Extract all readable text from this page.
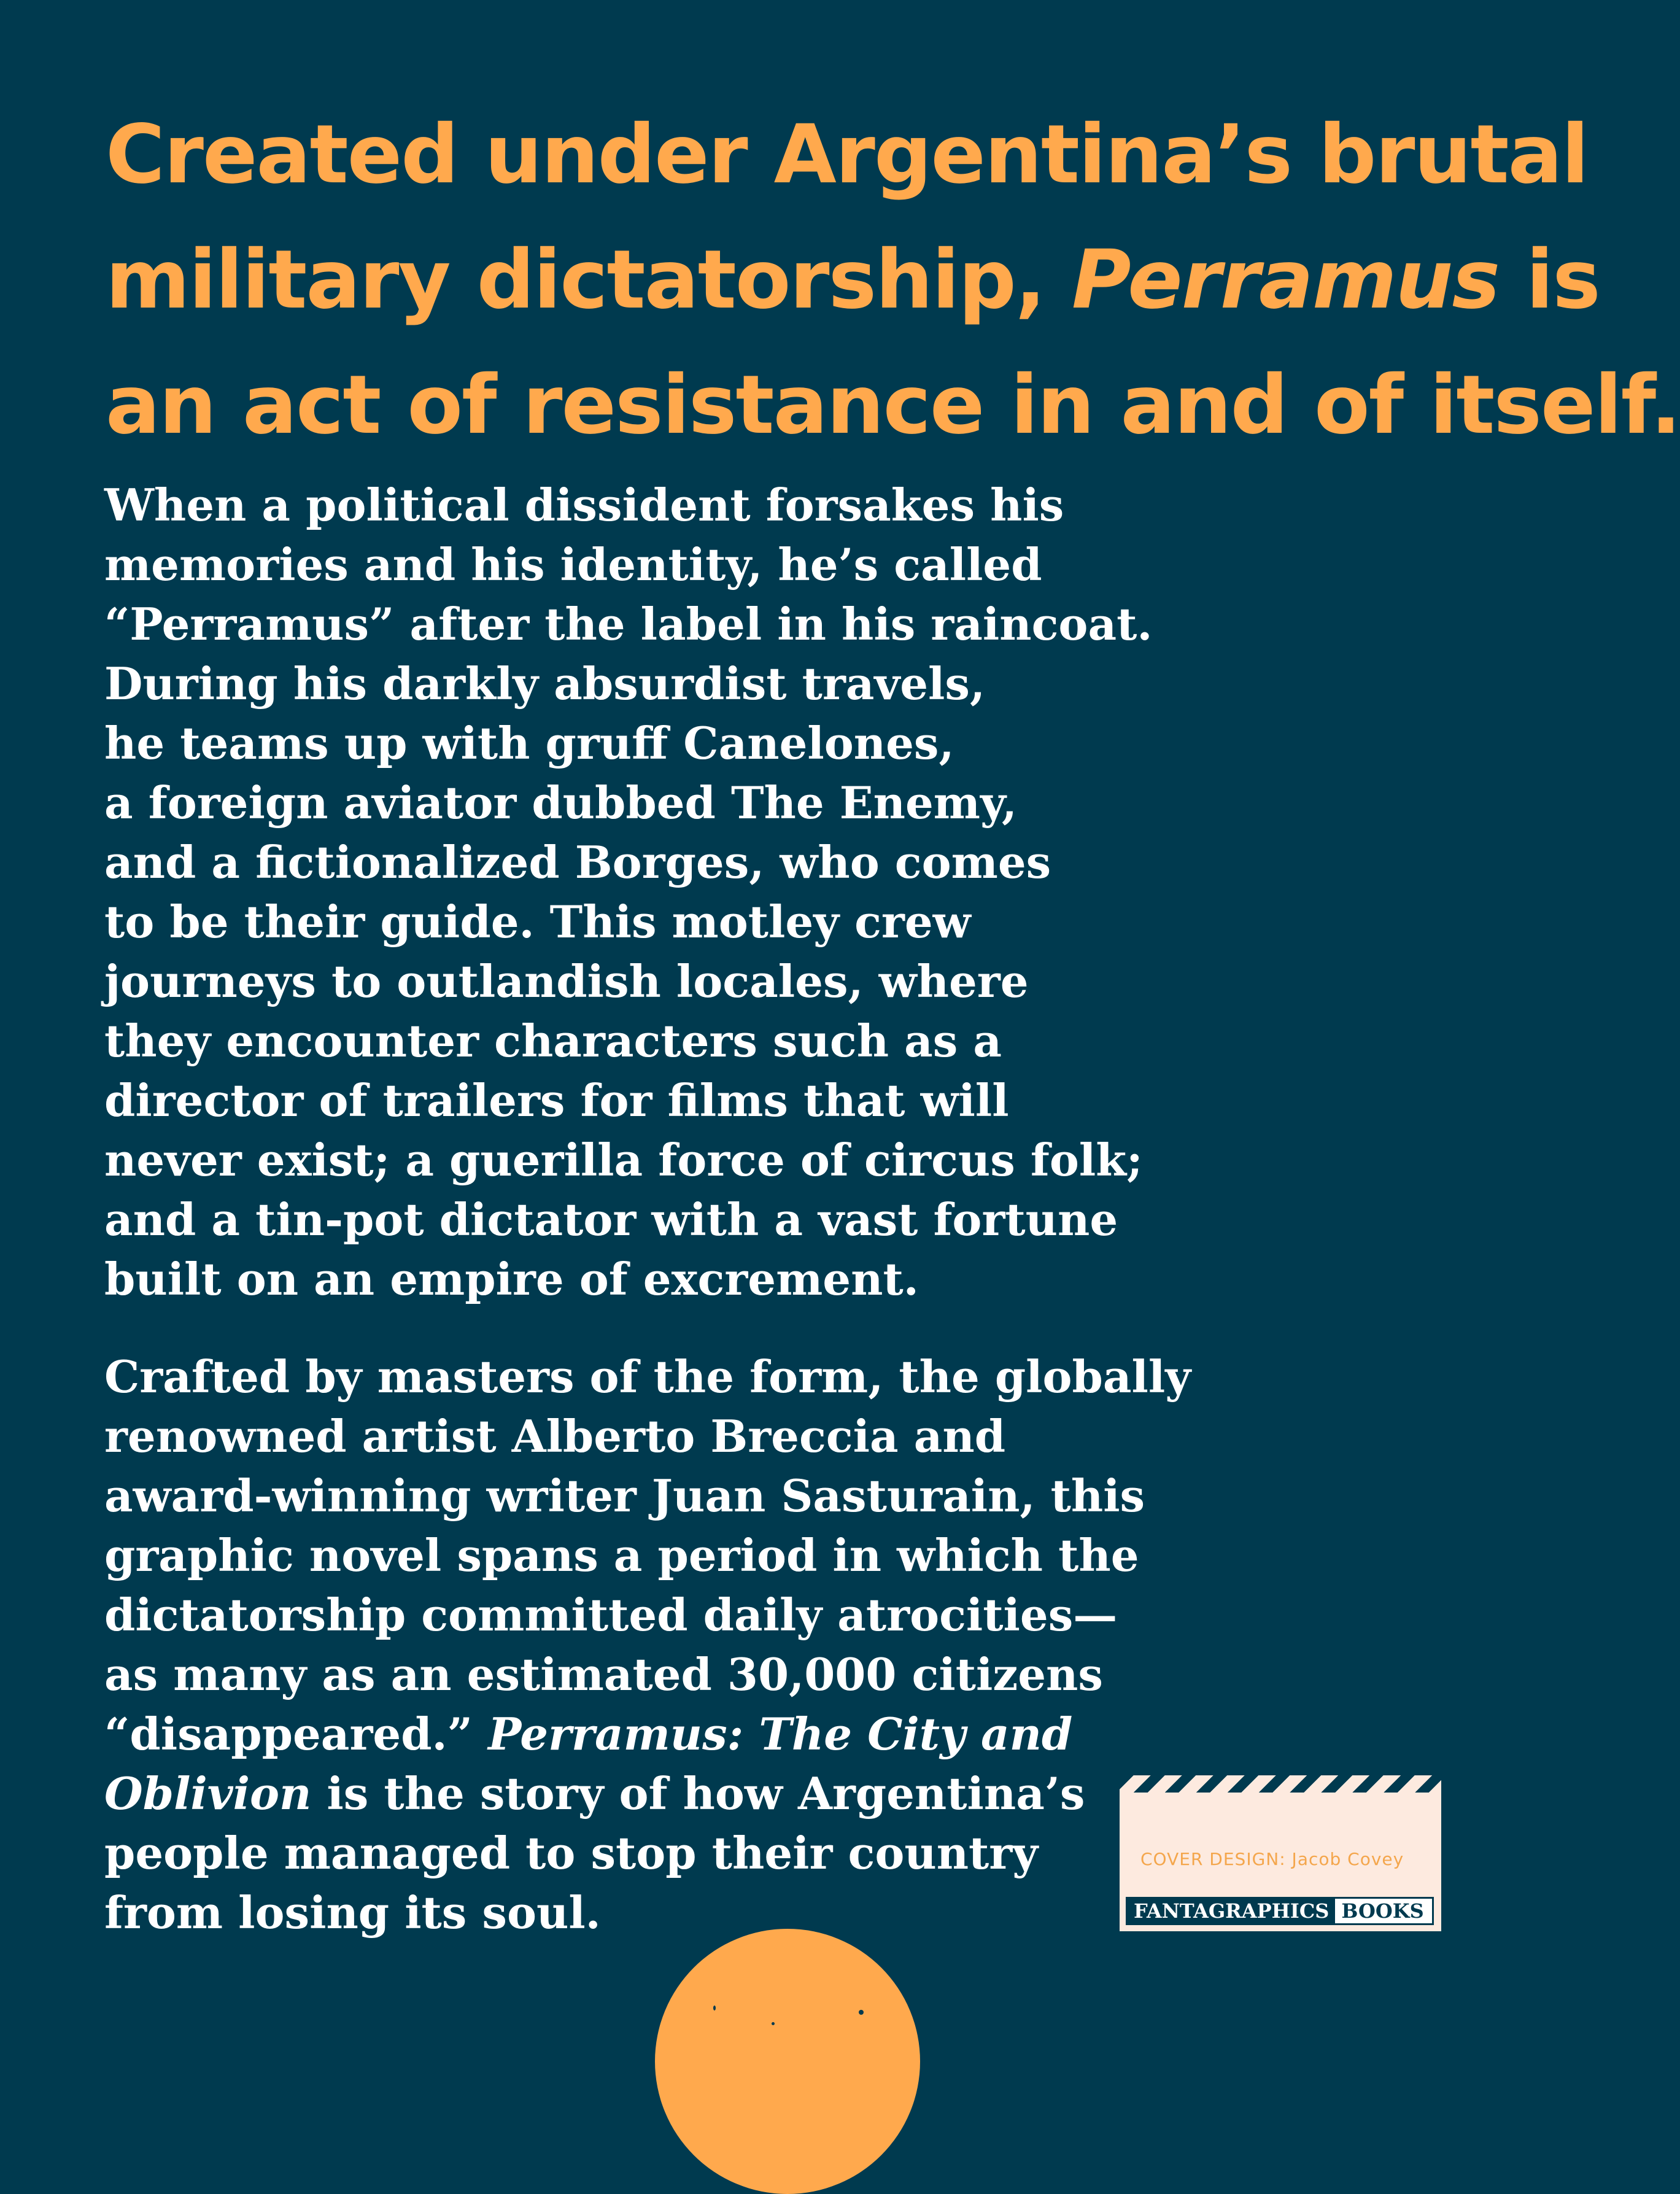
Created under Argentina’s brutal
military dictatorship, Perramus is
an act of resistance in and of itself.

When a political dissident forsakes his
memories and his identity, he’s called
“Perramus” after the label in his raincoat.
During his darkly absurdist travels,
he teams up with gruff Canelones,
a foreign aviator dubbed The Enemy,
and a fictionalized Borges, who comes
to be their guide. This motley crew
journeys to outlandish locales, where
they encounter characters such as a
director of trailers for films that will
never exist; a guerilla force of circus folk;
and a tin-pot dictator with a vast fortune
built on an empire of excrement.

Crafted by masters of the form, the globally
renowned artist Alberto Breccia and
award-winning writer Juan Sasturain, this
graphic novel spans a period in which the
dictatorship committed daily atrocities—
as many as an estimated 30,000 citizens
“disappeared.” Perramus: The City and
Oblivion is the story of how Argentina’s
people managed to stop their country
from losing its soul.

COVER DESIGN: Jacob Covey
FANTAGRAPHICS BOOKS
